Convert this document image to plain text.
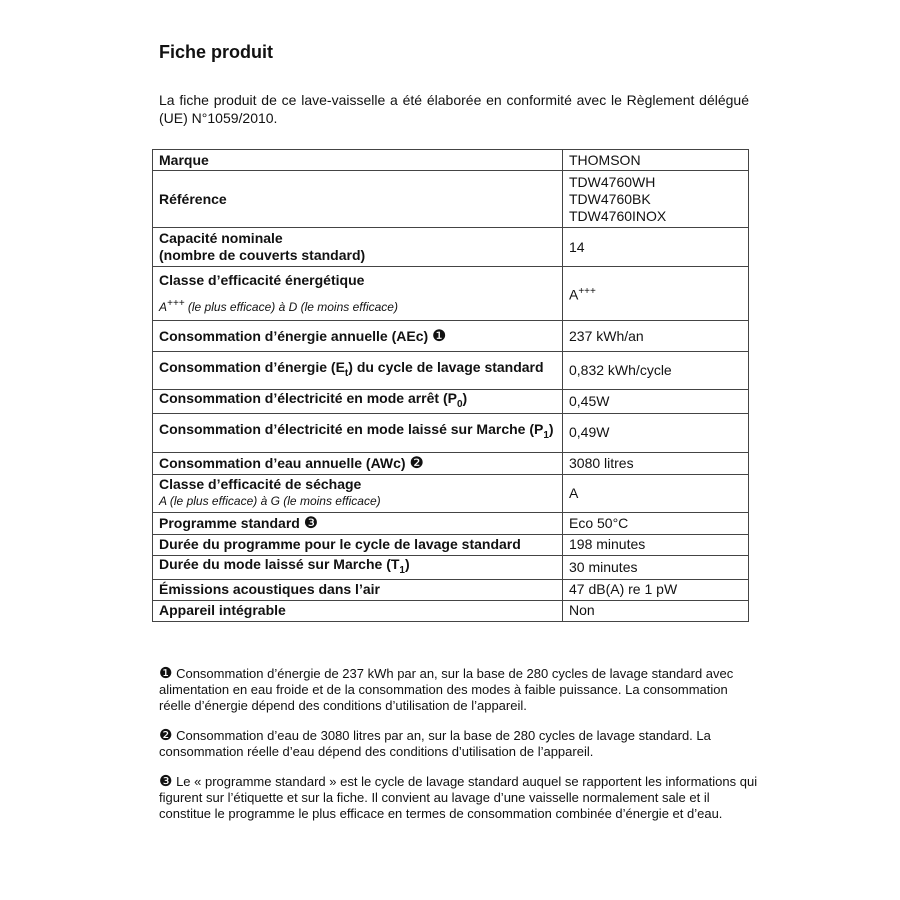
Fiche produit

La fiche produit de ce lave-vaisselle a été élaborée en conformité avec le Règlement délégué (UE) N°1059/2010.

Marque	THOMSON
Référence	TDW4760WH
TDW4760BK
TDW4760INOX

Capacité nominale
(nombre de couverts standard)	14

Classe d’efficacité énergétique
A+++ (le plus efficace) à D (le moins efficace)	A+++
Consommation d’énergie annuelle (AEc) ❶	237 kWh/an
Consommation d’énergie $(E_t)$ du cycle de lavage standard	0,832 kWh/cycle
Consommation d’électricité en mode arrêt $(P_0)$	0,45W
Consommation d’électricité en mode laissé sur Marche $(P_1)$	0,49W
Consommation d’eau annuelle (AWc) ❷	3080 litres

Classe d’efficacité de séchage
A (le plus efficace) à G (le moins efficace)	A
Programme standard ❸	Eco 50°C
Durée du programme pour le cycle de lavage standard	198 minutes
Durée du mode laissé sur Marche $(T_1)$	30 minutes
Émissions acoustiques dans l’air	47 dB(A) re 1 pW
Appareil intégrable	Non

❶ Consommation d’énergie de 237 kWh par an, sur la base de 280 cycles de lavage standard avec alimentation en eau froide et de la consommation des modes à faible puissance. La consommation réelle d’énergie dépend des conditions d’utilisation de l’appareil.

❷ Consommation d’eau de 3080 litres par an, sur la base de 280 cycles de lavage standard. La consommation réelle d’eau dépend des conditions d’utilisation de l’appareil.

❸ Le « programme standard » est le cycle de lavage standard auquel se rapportent les informations qui figurent sur l’étiquette et sur la fiche. Il convient au lavage d’une vaisselle normalement sale et il constitue le programme le plus efficace en termes de consommation combinée d’énergie et d’eau.
